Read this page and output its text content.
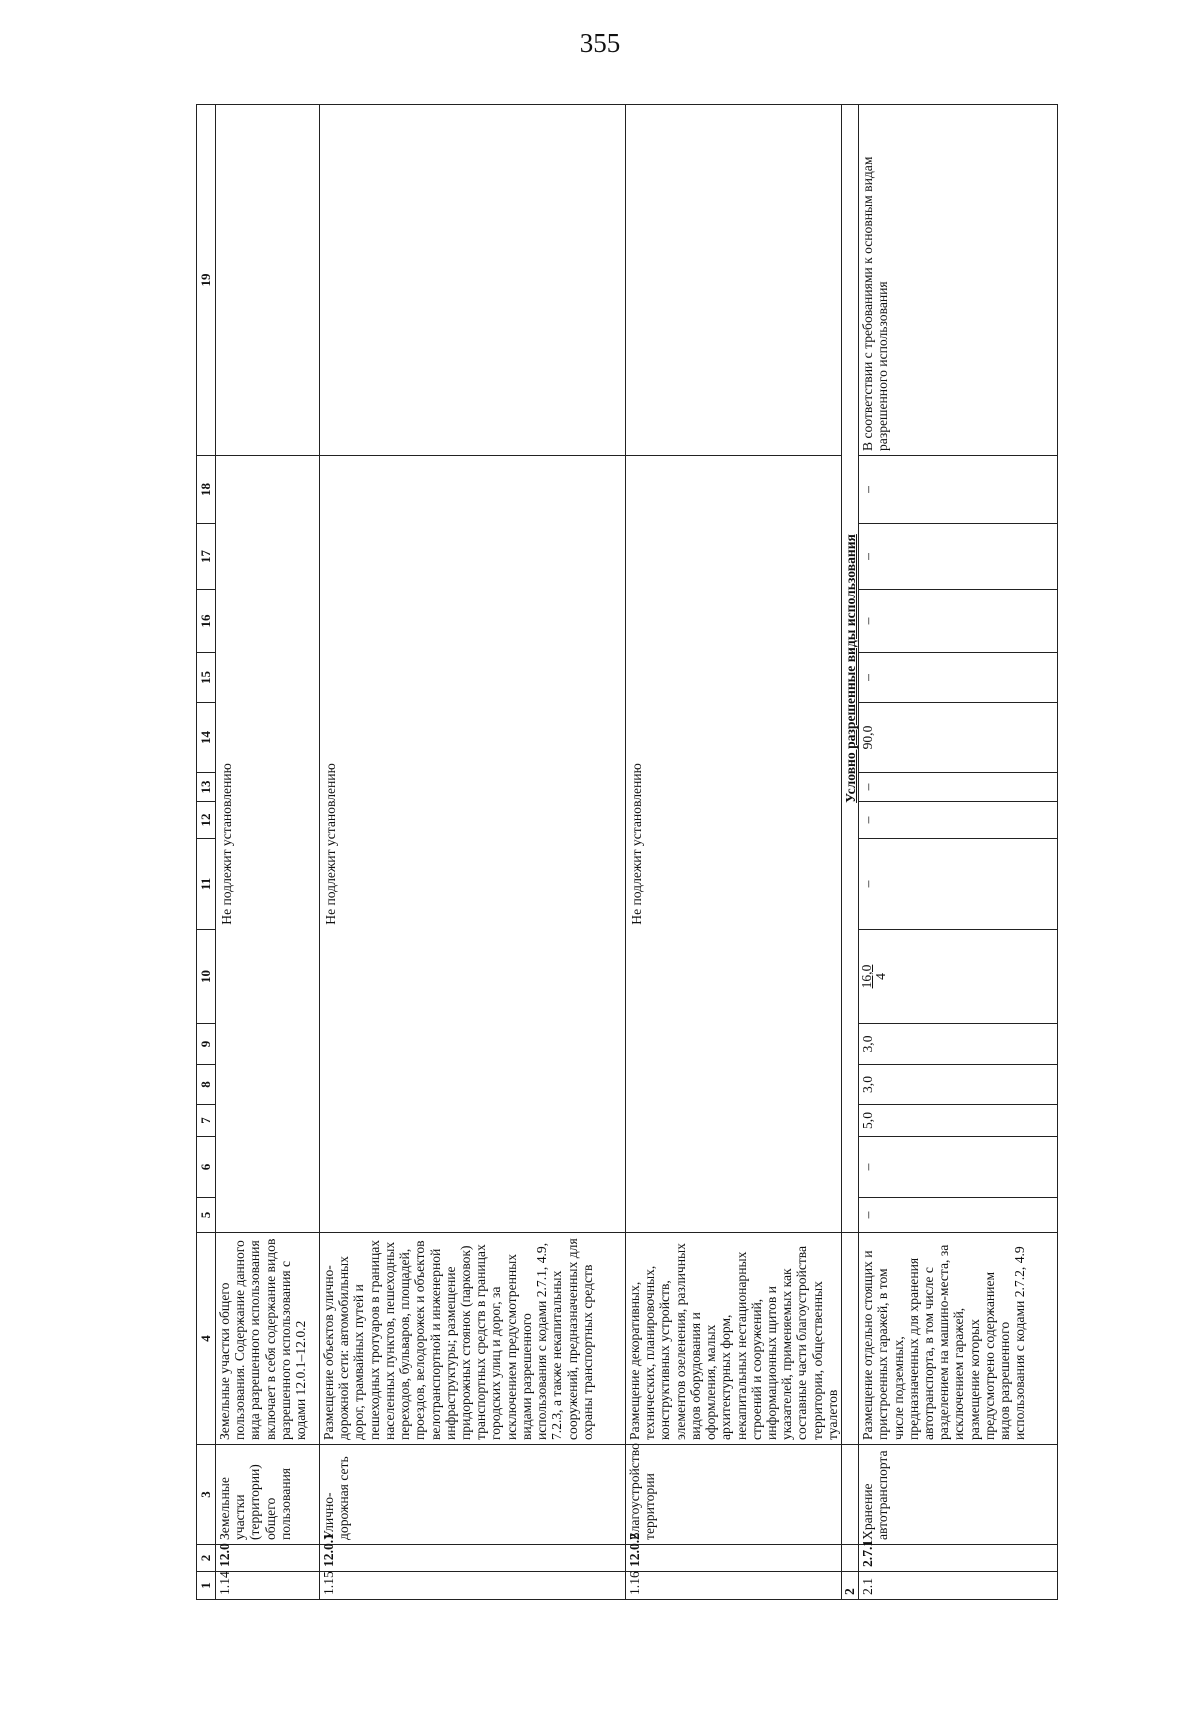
355
1	2	3	4	5	6	7	8	9	10	11	12	13	14	15	16	17	18	19
1.14	12.0	Земельные участки (территории) общего пользования	Земельные участки общего пользования. Содержание данного вида разрешенного использования включает в себя содержание видов разрешенного использования с кодами 12.0.1–12.0.2	Не подлежит установлению														
1.15	12.0.1	Улично-дорожная сеть	Размещение объектов улично-дорожной сети: автомобильных дорог, трамвайных путей и пешеходных тротуаров в границах населенных пунктов, пешеходных переходов, бульваров, площадей, проездов, велодорожек и объектов велотранспортной и инженерной инфраструктуры; размещение придорожных стоянок (парковок) транспортных средств в границах городских улиц и дорог, за исключением предусмотренных видами разрешенного использования с кодами 2.7.1, 4.9, 7.2.3, а также некапитальных сооружений, предназначенных для охраны транспортных средств	Не подлежит установлению														
1.16	12.0.2	Благоустройство территории	Размещение декоративных, технических, планировочных, конструктивных устройств, элементов озеленения, различных видов оборудования и оформления, малых архитектурных форм, некапитальных нестационарных строений и сооружений, информационных щитов и указателей, применяемых как составные части благоустройства территории, общественных туалетов	Не подлежит установлению														
2				Условно разрешенные виды использования														
2.1	2.7.1	Хранение автотранспорта	Размещение отдельно стоящих и пристроенных гаражей, в том числе подземных, предназначенных для хранения автотранспорта, в том числе с разделением на машино-места, за исключением гаражей, размещение которых предусмотрено содержанием видов разрешенного использования с кодами 2.7.2, 4.9	–	–	5,0	3,0	3,0	16,0 4	–	–	–	90,0	–	–	–	–	В соответствии с требованиями к основным видам разрешенного использования
